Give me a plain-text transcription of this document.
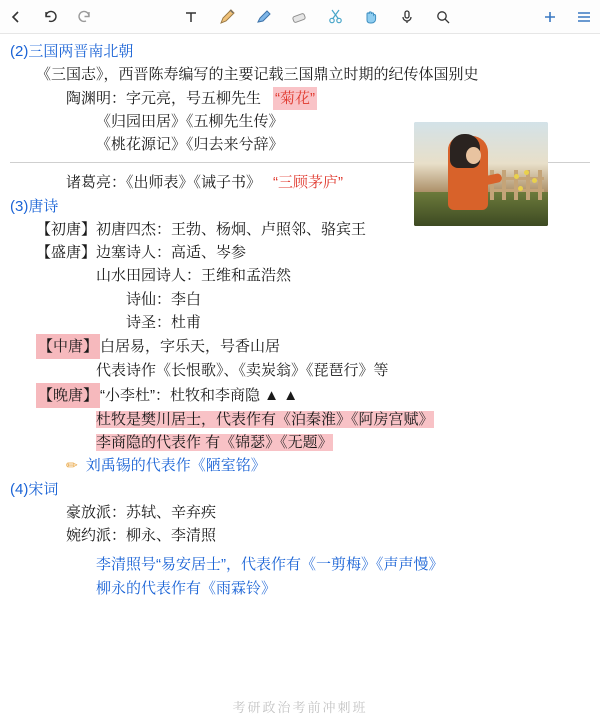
(2)三国两晋南北朝
《三国志》，西晋陈寿编写的主要记载三国鼎立时期的纪传体国别史
陶渊明：字元亮，号五柳先生 “菊花”
《归园田居》《五柳先生传》
《桃花源记》《归去来兮辞》
诸葛亮：《出师表》《诫子书》 “三顾茅庐”
(3)唐诗
【初唐】 初唐四杰：王勃、杨炯、卢照邻、骆宾王
【盛唐】 边塞诗人：高适、岑参
山水田园诗人：王维和孟浩然
诗仙：李白
诗圣：杜甫
【中唐】 白居易，字乐天，号香山居
代表诗作《长恨歌》、《卖炭翁》《琵琶行》等
【晚唐】 “小李杜”：杜牧和李商隐 ▲ ▲
杜牧是樊川居士，代表作有《泊秦淮》《阿房宫赋》
李商隐的代表作 有《锦瑟》《无题》
✏ 刘禹锡的代表作《陋室铭》
(4)宋词
豪放派：苏轼、辛弃疾
婉约派：柳永、李清照
李清照号“易安居士”，代表作有《一剪梅》《声声慢》
柳永的代表作有《雨霖铃》
考研政治考前冲刺班
